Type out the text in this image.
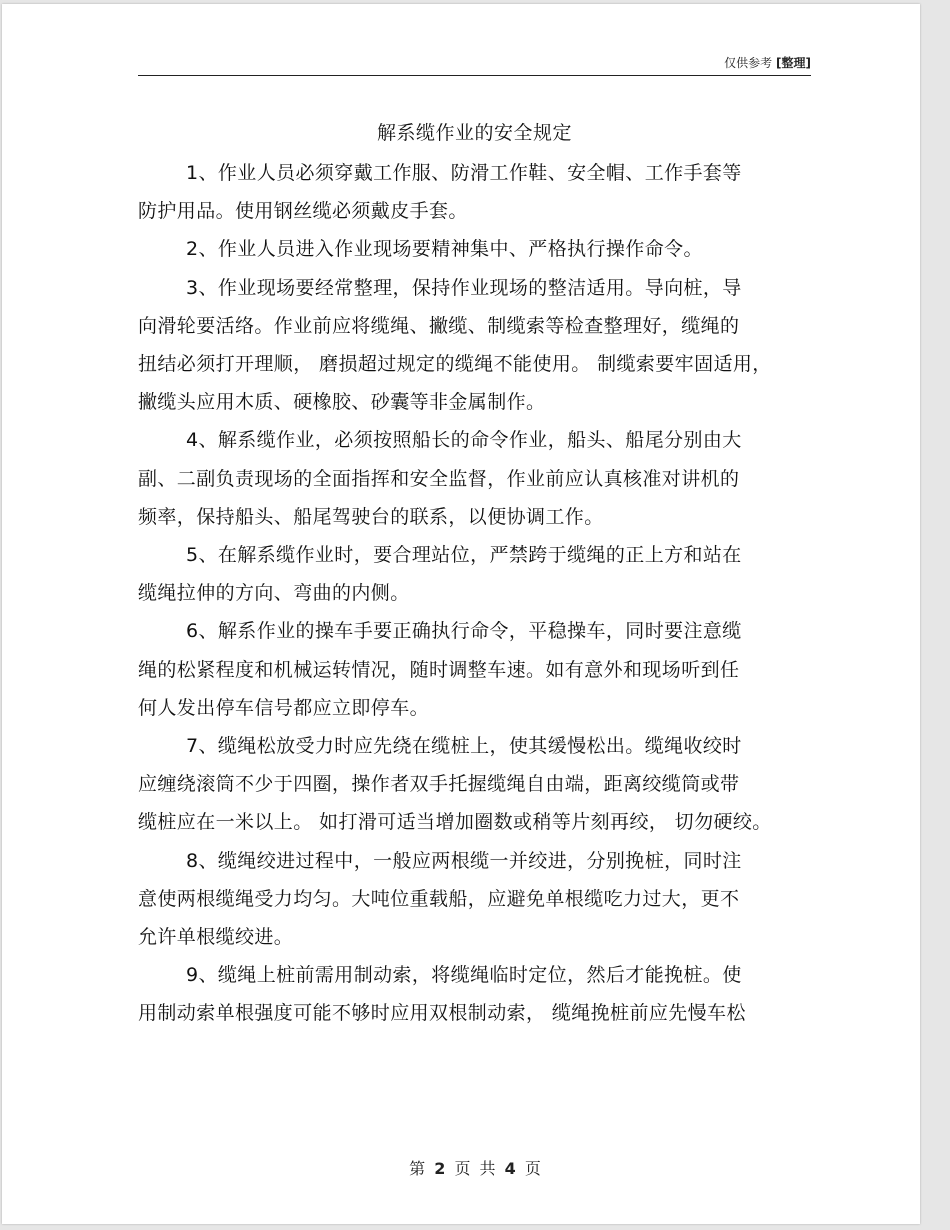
仅供参考 [整理]
解系缆作业的安全规定
1、作业人员必须穿戴工作服、防滑工作鞋、安全帽、工作手套等
防护用品。使用钢丝缆必须戴皮手套。
2、作业人员进入作业现场要精神集中、严格执行操作命令。
3、作业现场要经常整理，保持作业现场的整洁适用。导向桩，导
向滑轮要活络。作业前应将缆绳、撇缆、制缆索等检查整理好，缆绳的
扭结必须打开理顺， 磨损超过规定的缆绳不能使用。 制缆索要牢固适用，
撇缆头应用木质、硬橡胶、砂囊等非金属制作。
4、解系缆作业，必须按照船长的命令作业，船头、船尾分别由大
副、二副负责现场的全面指挥和安全监督，作业前应认真核准对讲机的
频率，保持船头、船尾驾驶台的联系，以便协调工作。
5、在解系缆作业时，要合理站位，严禁跨于缆绳的正上方和站在
缆绳拉伸的方向、弯曲的内侧。
6、解系作业的操车手要正确执行命令，平稳操车，同时要注意缆
绳的松紧程度和机械运转情况，随时调整车速。如有意外和现场听到任
何人发出停车信号都应立即停车。
7、缆绳松放受力时应先绕在缆桩上，使其缓慢松出。缆绳收绞时
应缠绕滚筒不少于四圈，操作者双手托握缆绳自由端，距离绞缆筒或带
缆桩应在一米以上。 如打滑可适当增加圈数或稍等片刻再绞， 切勿硬绞。
8、缆绳绞进过程中，一般应两根缆一并绞进，分别挽桩，同时注
意使两根缆绳受力均匀。大吨位重载船，应避免单根缆吃力过大，更不
允许单根缆绞进。
9、缆绳上桩前需用制动索，将缆绳临时定位，然后才能挽桩。使
用制动索单根强度可能不够时应用双根制动索， 缆绳挽桩前应先慢车松
第 2 页 共 4 页
